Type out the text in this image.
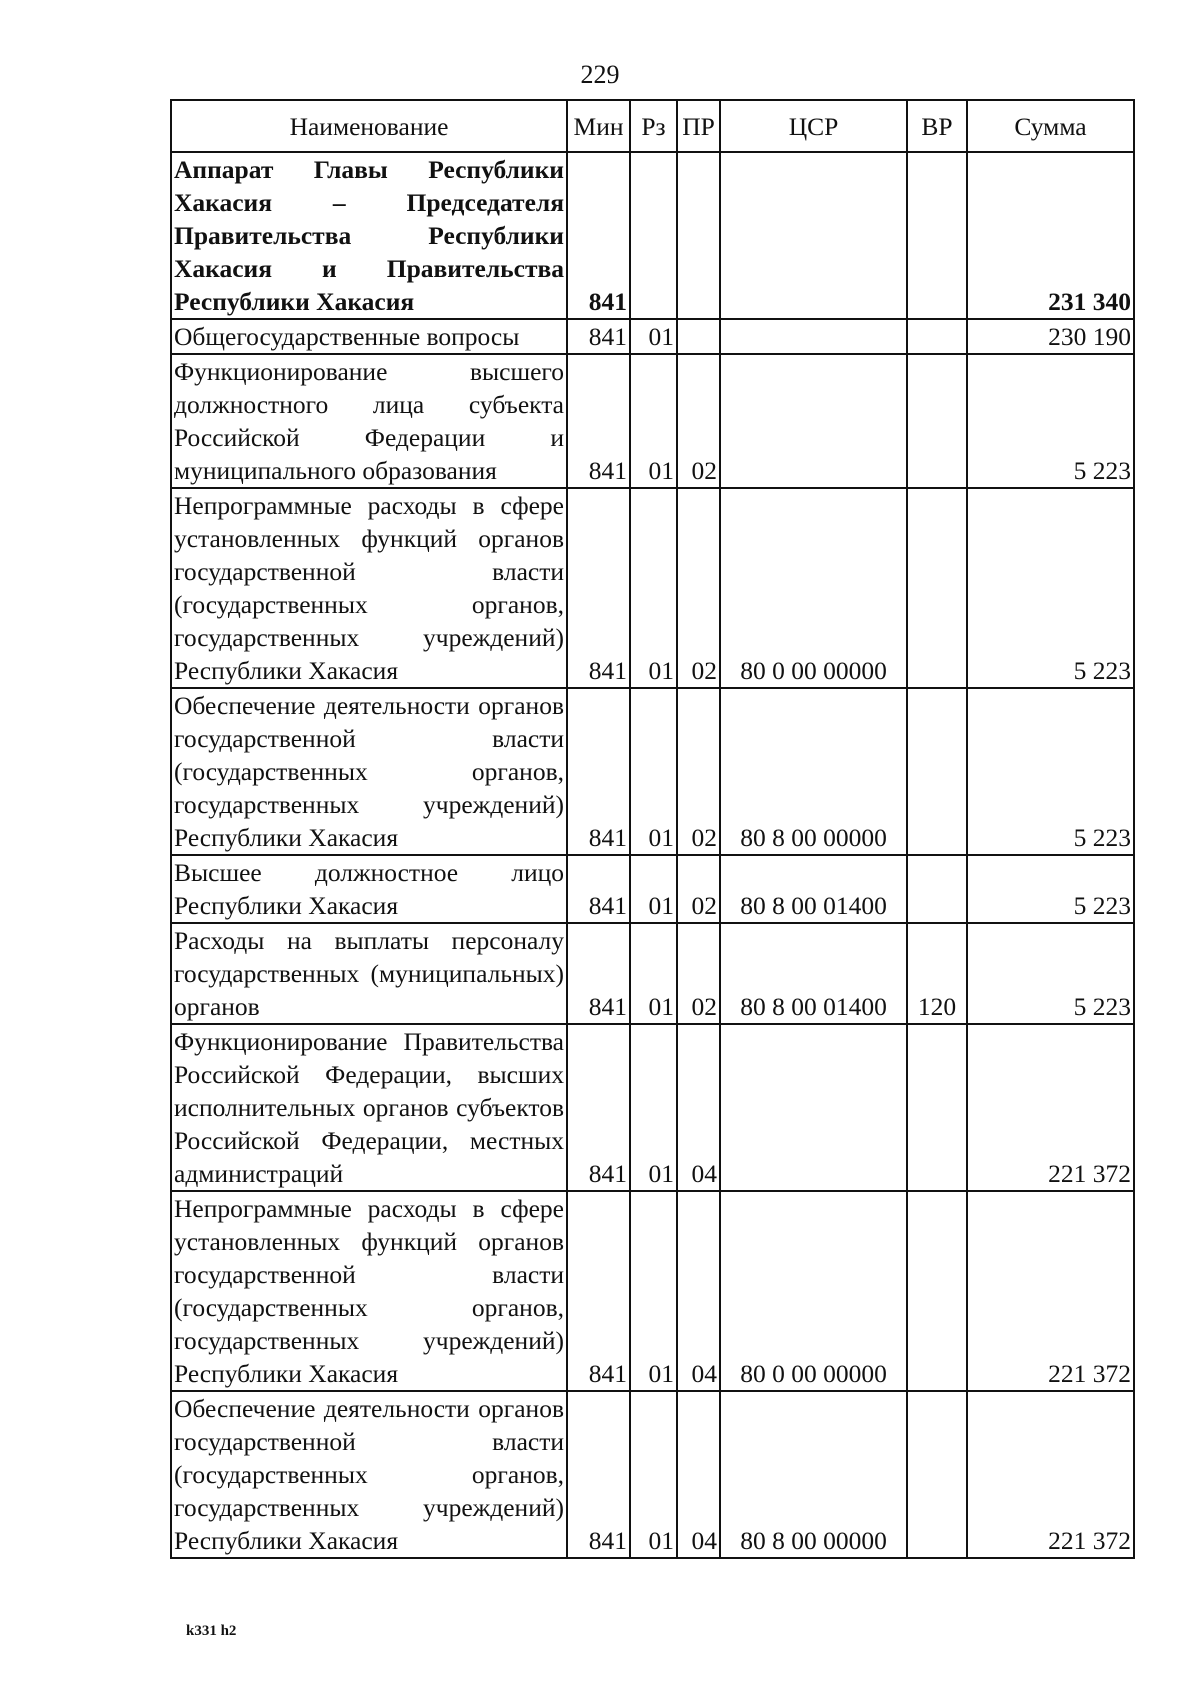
229
Наименование	Мин	Рз	ПР	ЦСР	ВР	Сумма
Аппарат Главы Республики Хакасия – Председателя Правительства Республики Хакасия и Правительства Республики Хакасия	841					231 340
Общегосударственные вопросы	841	01				230 190
Функционирование высшего должностного лица субъекта Российской Федерации и муниципального образования	841	01	02			5 223
Непрограммные расходы в сфере установленных функций органов государственной власти (государственных органов, государственных учреждений) Республики Хакасия	841	01	02	80 0 00 00000		5 223
Обеспечение деятельности органов государственной власти (государственных органов, государственных учреждений) Республики Хакасия	841	01	02	80 8 00 00000		5 223
Высшее должностное лицо Республики Хакасия	841	01	02	80 8 00 01400		5 223
Расходы на выплаты персоналу государственных (муниципальных) органов	841	01	02	80 8 00 01400	120	5 223
Функционирование Правительства Российской Федерации, высших исполнительных органов субъектов Российской Федерации, местных администраций	841	01	04			221 372
Непрограммные расходы в сфере установленных функций органов государственной власти (государственных органов, государственных учреждений) Республики Хакасия	841	01	04	80 0 00 00000		221 372
Обеспечение деятельности органов государственной власти (государственных органов, государственных учреждений) Республики Хакасия	841	01	04	80 8 00 00000		221 372
k331 h2
